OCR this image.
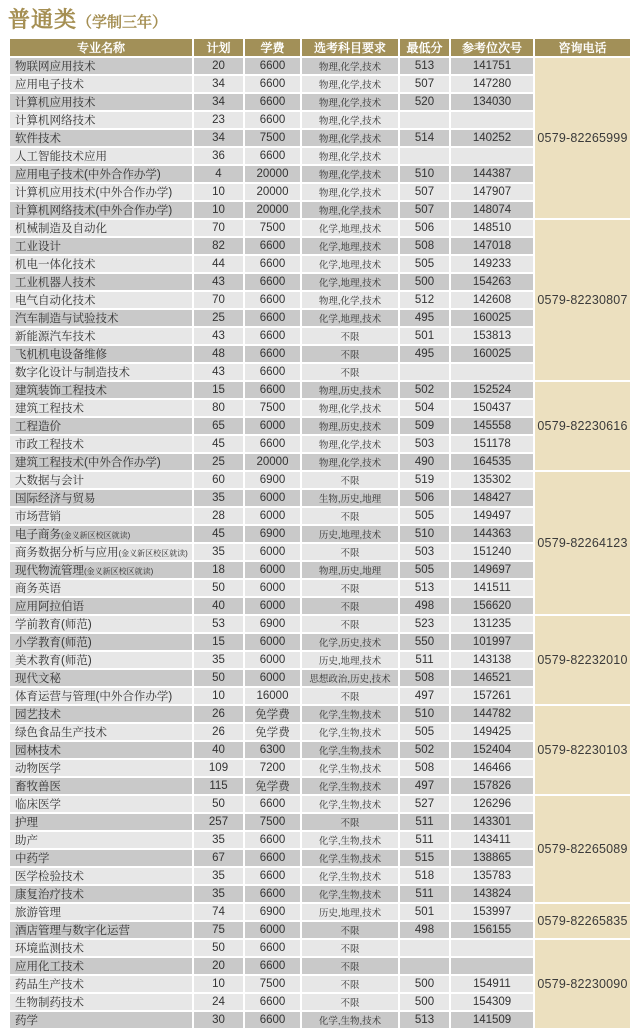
普通类（学制三年）
专业名称	计划	学费	选考科目要求	最低分	参考位次号	咨询电话
物联网应用技术	20	6600	物理,化学,技术	513	141751	0579-82265999
应用电子技术	34	6600	物理,化学,技术	507	147280	
计算机应用技术	34	6600	物理,化学,技术	520	134030	
计算机网络技术	23	6600	物理,化学,技术			
软件技术	34	7500	物理,化学,技术	514	140252	
人工智能技术应用	36	6600	物理,化学,技术			
应用电子技术(中外合作办学)	4	20000	物理,化学,技术	510	144387	
计算机应用技术(中外合作办学)	10	20000	物理,化学,技术	507	147907	
计算机网络技术(中外合作办学)	10	20000	物理,化学,技术	507	148074	
机械制造及自动化	70	7500	化学,地理,技术	506	148510	0579-82230807
工业设计	82	6600	化学,地理,技术	508	147018	
机电一体化技术	44	6600	化学,地理,技术	505	149233	
工业机器人技术	43	6600	化学,地理,技术	500	154263	
电气自动化技术	70	6600	物理,化学,技术	512	142608	
汽车制造与试验技术	25	6600	化学,地理,技术	495	160025	
新能源汽车技术	43	6600	不限	501	153813	
飞机机电设备维修	48	6600	不限	495	160025	
数字化设计与制造技术	43	6600	不限			
建筑装饰工程技术	15	6600	物理,历史,技术	502	152524	0579-82230616
建筑工程技术	80	7500	物理,化学,技术	504	150437	
工程造价	65	6000	物理,历史,技术	509	145558	
市政工程技术	45	6600	物理,化学,技术	503	151178	
建筑工程技术(中外合作办学)	25	20000	物理,化学,技术	490	164535	
大数据与会计	60	6900	不限	519	135302	0579-82264123
国际经济与贸易	35	6000	生物,历史,地理	506	148427	
市场营销	28	6000	不限	505	149497	
电子商务(金义新区校区就读)	45	6900	历史,地理,技术	510	144363	
商务数据分析与应用(金义新区校区就读)	35	6000	不限	503	151240	
现代物流管理(金义新区校区就读)	18	6000	物理,历史,地理	505	149697	
商务英语	50	6000	不限	513	141511	
应用阿拉伯语	40	6000	不限	498	156620	
学前教育(师范)	53	6900	不限	523	131235	0579-82232010
小学教育(师范)	15	6000	化学,历史,技术	550	101997	
美术教育(师范)	35	6000	历史,地理,技术	511	143138	
现代文秘	50	6000	思想政治,历史,技术	508	146521	
体育运营与管理(中外合作办学)	10	16000	不限	497	157261	
园艺技术	26	免学费	化学,生物,技术	510	144782	0579-82230103
绿色食品生产技术	26	免学费	化学,生物,技术	505	149425	
园林技术	40	6300	化学,生物,技术	502	152404	
动物医学	109	7200	化学,生物,技术	508	146466	
畜牧兽医	115	免学费	化学,生物,技术	497	157826	
临床医学	50	6600	化学,生物,技术	527	126296	0579-82265089
护理	257	7500	不限	511	143301	
助产	35	6600	化学,生物,技术	511	143411	
中药学	67	6600	化学,生物,技术	515	138865	
医学检验技术	35	6600	化学,生物,技术	518	135783	
康复治疗技术	35	6600	化学,生物,技术	511	143824	
旅游管理	74	6900	历史,地理,技术	501	153997	0579-82265835
酒店管理与数字化运营	75	6000	不限	498	156155	
环境监测技术	50	6600	不限			0579-82230090
应用化工技术	20	6600	不限			
药品生产技术	10	7500	不限	500	154911	
生物制药技术	24	6600	不限	500	154309	
药学	30	6600	化学,生物,技术	513	141509	
